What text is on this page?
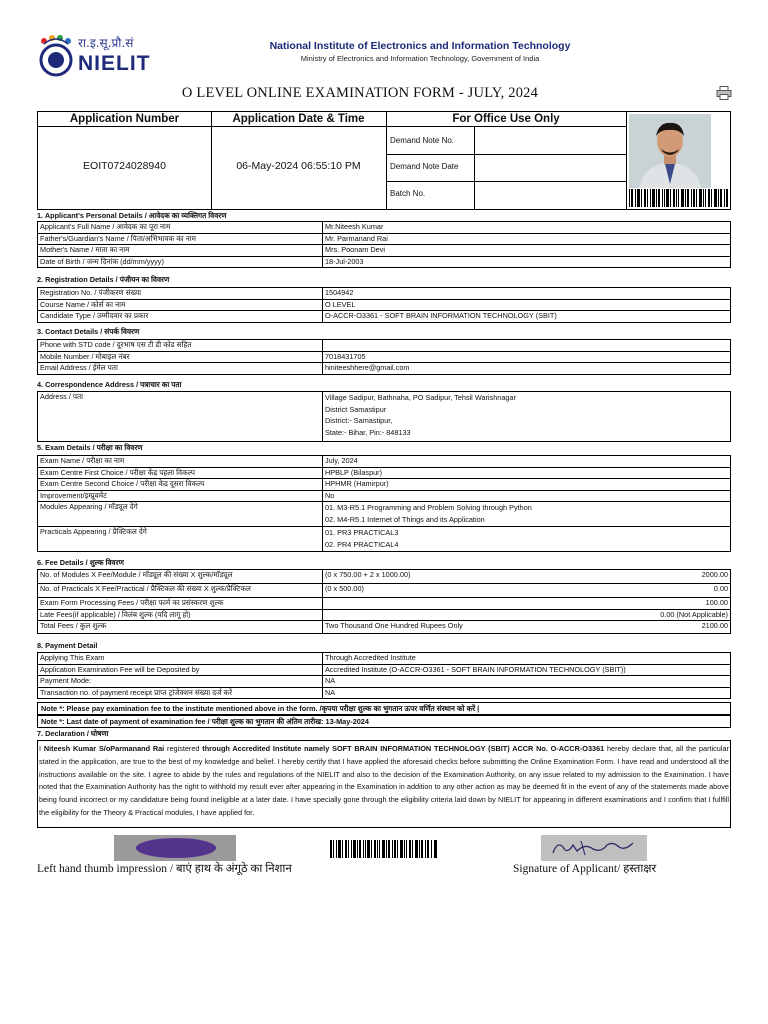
रा.इ.सू.प्रौ.सं
NIELIT
National Institute of Electronics and Information Technology
Ministry of Electronics and Information Technology, Government of India
O LEVEL ONLINE EXAMINATION FORM - JULY, 2024
Application Number	Application Date & Time	For Office Use Only
EOIT0724028940	06-May-2024 06:55:10 PM
Demand Note No.
Demand Note Date
Batch No.
1. Applicant's Personal Details / आवेदक का व्यक्तिगत विवरण
Applicant's Full Name / आवेदक का पूरा नाम	Mr.Niteesh Kumar
Father's/Guardian's Name / पिता/अभिभावक का नाम	Mr. Parmanand Rai
Mother's Name / माता का नाम	Mrs. Poonam Devi
Date of Birth / जन्म दिनांक (dd/mm/yyyy)	18-Jul-2003
2. Registration Details / पंजीयन का विवरण
Registration No. / पंजीकरण संख्या	1504942
Course Name / कोर्स का नाम	O LEVEL
Candidate Type / उम्मीदवार का प्रकार	O-ACCR-O3361 - SOFT BRAIN INFORMATION TECHNOLOGY (SBIT)
3. Contact Details / संपर्क विवरण
Phone with STD code / दूरभाष एस टी डी कोड सहित	
Mobile Number / मोबाइल नंबर	7018431705
Email Address / ईमेल पता	hiniteeshhere@gmail.com
4. Correspondence Address / पत्राचार का पता
Address / पता	Village Sadipur, Bathnaha, PO Sadipur, Tehsil Warishnagar
District Samastipur
District:- Samastipur,
State:- Bihar, Pin:- 848133
5. Exam Details / परीक्षा का विवरण
Exam Name / परीक्षा का नाम	July, 2024
Exam Centre First Choice / परीक्षा केंद्र पहला विकल्प	HPBLP (Bilaspur)
Exam Centre Second Choice / परीक्षा केंद्र दूसरा विकल्प	HPHMR (Hamirpur)
Improvement/इम्प्रूवमेंट	No
Modules Appearing / मॉड्यूल देंगे	01. M3-R5.1 Programming and Problem Solving through Python
02. M4-R5.1 Internet of Things and its Application

Practicals Appearing / प्रैक्टिकल देंगे	01. PR3 PRACTICAL3
02. PR4 PRACTICAL4
6. Fee Details / शुल्क विवरण
No. of Modules X Fee/Module / मॉड्यूल की संख्या X शुल्क/मॉड्यूल	(0 x 750.00 + 2 x 1000.00)	2000.00
No. of Practicals X Fee/Practical / प्रैक्टिकल की संख्या X शुल्क/प्रैक्टिकल	(0 x 500.00)	0.00
Exam Form Processing Fees / परीक्षा फार्म का प्रसंस्करण शुल्क	100.00	
Late Fees(if applicable) / विलंब शुल्क (यदि लागू हो)	0.00 (Not Applicable)	
Total Fees / कुल शुल्क	Two Thousand One Hundred Rupees Only	2100.00
8. Payment Detail
Applying This Exam	Through Accredited Institute
Application Examination Fee will be Deposited by	Accredited Institute (O-ACCR-O3361 - SOFT BRAIN INFORMATION TECHNOLOGY (SBIT))
Payment Mode:	NA
Transaction no. of payment receipt प्राप्त ट्रांजेक्शन संख्या दर्ज करें	NA
Note *: Please pay examination fee to the institute mentioned above in the form. /कृपया परीक्षा शुल्क का भुगतान ऊपर वर्णित संस्थान को करें |
Note *: Last date of payment of examination fee / परीक्षा शुल्क का भुगतान की अंतिम तारीख: 13-May-2024
7. Declaration / घोषणा
I Niteesh Kumar S/oParmanand Rai registered through Accredited Institute namely SOFT BRAIN INFORMATION TECHNOLOGY (SBIT) ACCR No. O-ACCR-O3361 hereby declare that, all the particular stated in the application, are true to the best of my knowledge and belief. I hereby certify that I have applied the aforesaid checks before submitting the Online Examination Form. I have read and understood all the instructions available on the site. I agree to abide by the rules and regulations of the NIELIT and also to the decision of the Examination Authority, on any issue related to my admission to the Examination. I have noted that the Examination Authority has the right to withhold my result ever after appearing in the Examination in addition to any other action as may be deemed fit in the event of any of the statements made above being found incorrect or my candidature being found ineligible at a later date. I have specially gone through the eligibility criteria laid down by NIELIT for appearing in different examinations and I confirm that I fullfill the eligibility for the Theory & Practical modules, I have applied for.
Left hand thumb impression / बाएं हाथ के अंगूठे का निशान	Signature of Applicant/ हस्ताक्षर
